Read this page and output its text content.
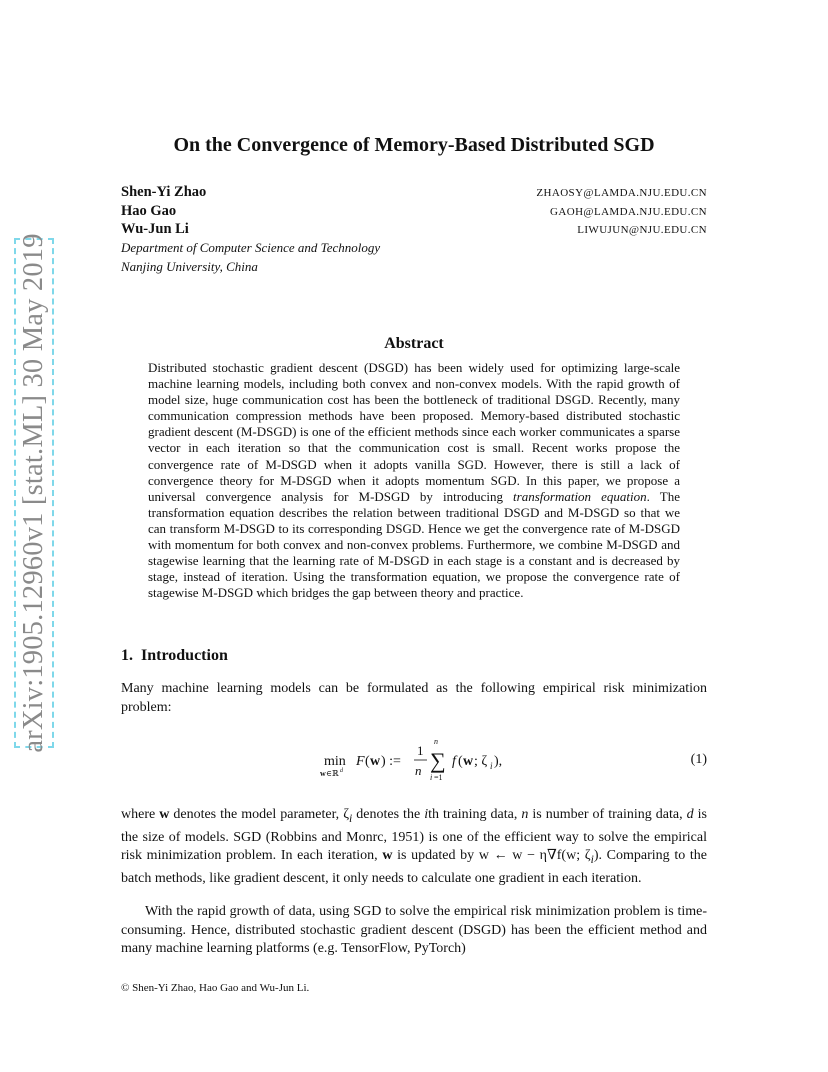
arXiv:1905.12960v1 [stat.ML] 30 May 2019
On the Convergence of Memory-Based Distributed SGD
Shen-Yi Zhao	ZHAOSY@LAMDA.NJU.EDU.CN
Hao Gao	GAOH@LAMDA.NJU.EDU.CN
Wu-Jun Li	LIWUJUN@NJU.EDU.CN
Department of Computer Science and Technology
Nanjing University, China
Abstract
Distributed stochastic gradient descent (DSGD) has been widely used for optimizing large-scale machine learning models, including both convex and non-convex models. With the rapid growth of model size, huge communication cost has been the bottleneck of traditional DSGD. Recently, many communication compression methods have been proposed. Memory-based distributed stochastic gradient descent (M-DSGD) is one of the efficient methods since each worker communicates a sparse vector in each iteration so that the communication cost is small. Recent works propose the convergence rate of M-DSGD when it adopts vanilla SGD. However, there is still a lack of convergence theory for M-DSGD when it adopts momentum SGD. In this paper, we propose a universal convergence analysis for M-DSGD by introducing transformation equation. The transformation equation describes the relation between traditional DSGD and M-DSGD so that we can transform M-DSGD to its corresponding DSGD. Hence we get the convergence rate of M-DSGD with momentum for both convex and non-convex problems. Furthermore, we combine M-DSGD and stagewise learning that the learning rate of M-DSGD in each stage is a constant and is decreased by stage, instead of iteration. Using the transformation equation, we propose the convergence rate of stagewise M-DSGD which bridges the gap between theory and practice.
1. Introduction
Many machine learning models can be formulated as the following empirical risk minimization problem:
min
w ∈ℝ d
F ( w ) :=
1
n
n
∑
i =1
f ( w ; ζ i ),	(1)
where w denotes the model parameter, $\zeta_i$ denotes the ith training data, n is number of training data, d is the size of models. SGD (Robbins and Monrc, 1951) is one of the efficient way to solve the empirical risk minimization problem. In each iteration, w is updated by w ← w − η∇f(w; $\zeta_i$). Comparing to the batch methods, like gradient descent, it only needs to calculate one gradient in each iteration.
With the rapid growth of data, using SGD to solve the empirical risk minimization problem is time-consuming. Hence, distributed stochastic gradient descent (DSGD) has been the efficient method and many machine learning platforms (e.g. TensorFlow, PyTorch)
© Shen-Yi Zhao, Hao Gao and Wu-Jun Li.
